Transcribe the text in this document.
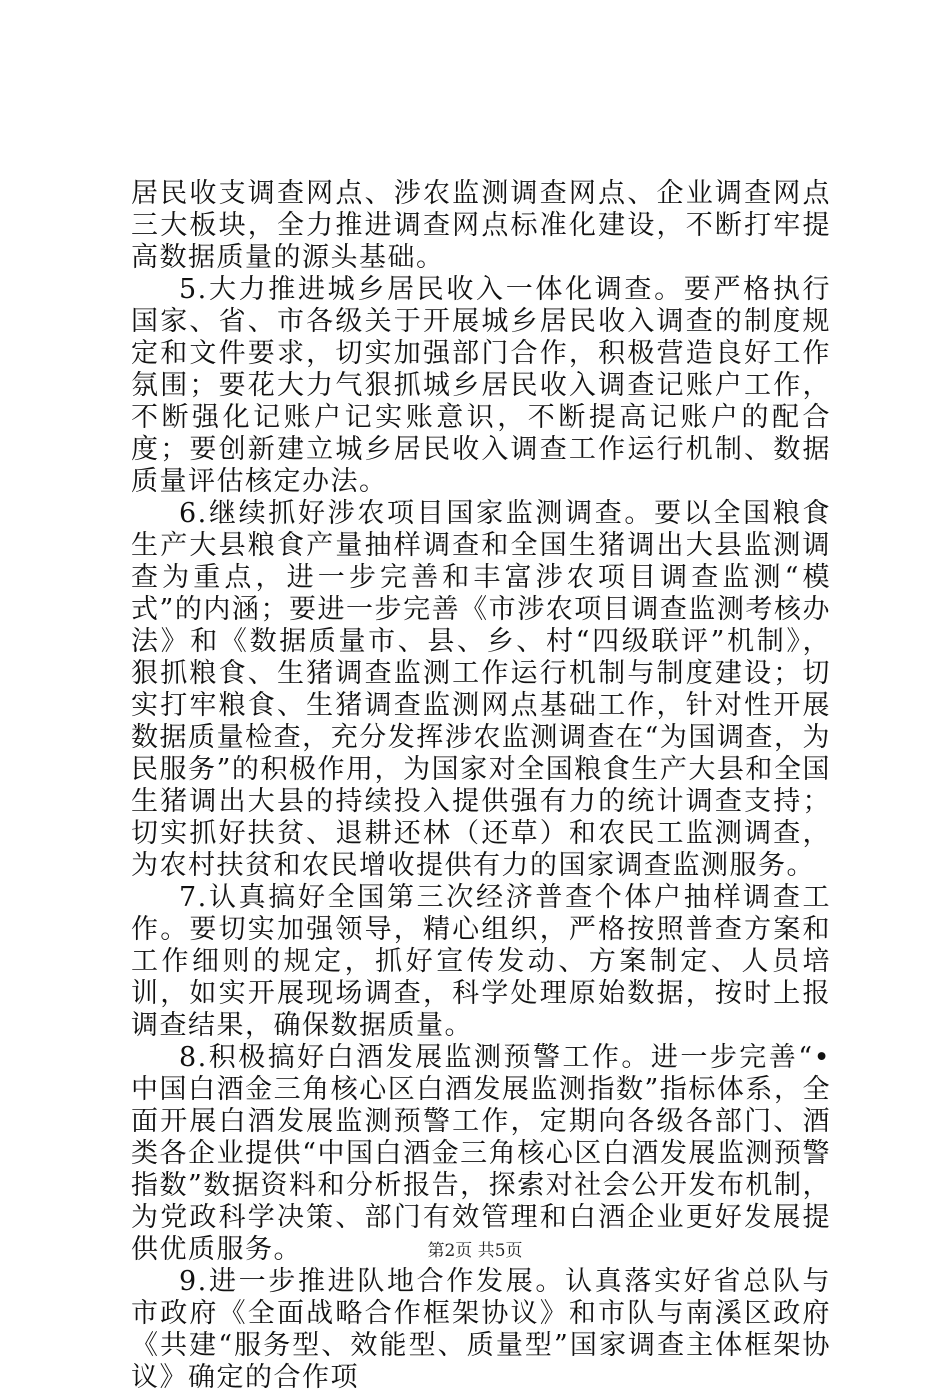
居民收支调查网点、涉农监测调查网点、企业调查网点三大板块，全力推进调查网点标准化建设，不断打牢提高数据质量的源头基础。

5.大力推进城乡居民收入一体化调查。要严格执行国家、省、市各级关于开展城乡居民收入调查的制度规定和文件要求，切实加强部门合作，积极营造良好工作氛围；要花大力气狠抓城乡居民收入调查记账户工作，不断强化记账户记实账意识，不断提高记账户的配合度；要创新建立城乡居民收入调查工作运行机制、数据质量评估核定办法。

6.继续抓好涉农项目国家监测调查。要以全国粮食生产大县粮食产量抽样调查和全国生猪调出大县监测调查为重点，进一步完善和丰富涉农项目调查监测“模式”的内涵；要进一步完善《市涉农项目调查监测考核办法》和《数据质量市、县、乡、村“四级联评”机制》，狠抓粮食、生猪调查监测工作运行机制与制度建设；切实打牢粮食、生猪调查监测网点基础工作，针对性开展数据质量检查，充分发挥涉农监测调查在“为国调查，为民服务”的积极作用，为国家对全国粮食生产大县和全国生猪调出大县的持续投入提供强有力的统计调查支持；切实抓好扶贫、退耕还林（还草）和农民工监测调查，为农村扶贫和农民增收提供有力的国家调查监测服务。

7.认真搞好全国第三次经济普查个体户抽样调查工作。要切实加强领导，精心组织，严格按照普查方案和工作细则的规定，抓好宣传发动、方案制定、人员培训，如实开展现场调查，科学处理原始数据，按时上报调查结果，确保数据质量。

8.积极搞好白酒发展监测预警工作。进一步完善“•中国白酒金三角核心区白酒发展监测指数”指标体系，全面开展白酒发展监测预警工作，定期向各级各部门、酒类各企业提供“中国白酒金三角核心区白酒发展监测预警指数”数据资料和分析报告，探索对社会公开发布机制，为党政科学决策、部门有效管理和白酒企业更好发展提供优质服务。

9.进一步推进队地合作发展。认真落实好省总队与市政府《全面战略合作框架协议》和市队与南溪区政府《共建“服务型、效能型、质量型”国家调查主体框架协议》确定的合作项

第2页 共5页
